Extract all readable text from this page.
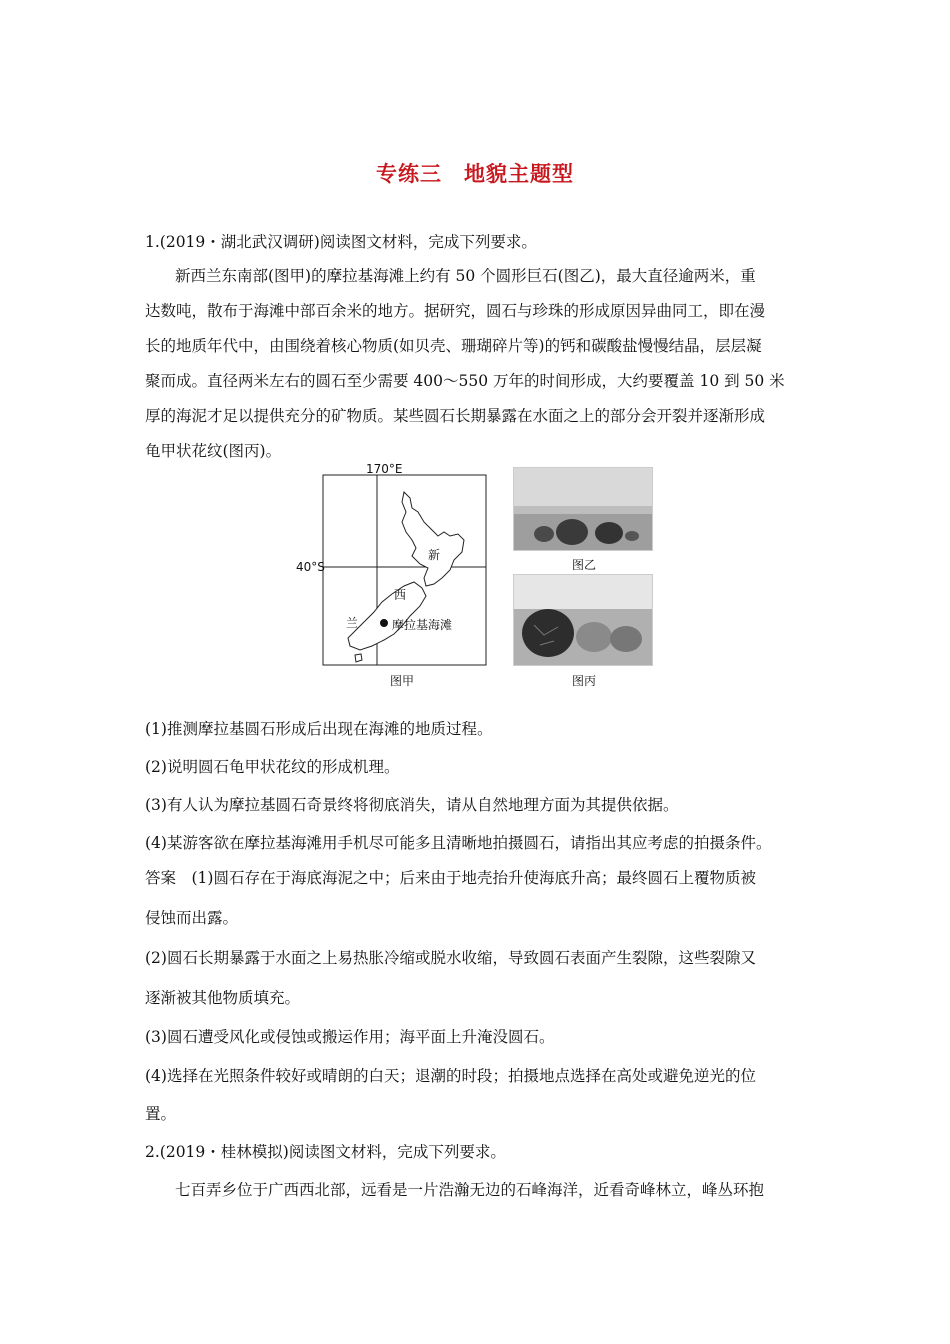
专练三　地貌主题型
1.(2019・湖北武汉调研)阅读图文材料，完成下列要求。
新西兰东南部(图甲)的摩拉基海滩上约有 50 个圆形巨石(图乙)，最大直径逾两米，重
达数吨，散布于海滩中部百余米的地方。据研究，圆石与珍珠的形成原因异曲同工，即在漫
长的地质年代中，由围绕着核心物质(如贝壳、珊瑚碎片等)的钙和碳酸盐慢慢结晶，层层凝
聚而成。直径两米左右的圆石至少需要 400～550 万年的时间形成，大约要覆盖 10 到 50 米
厚的海泥才足以提供充分的矿物质。某些圆石长期暴露在水面之上的部分会开裂并逐渐形成
龟甲状花纹(图丙)。
170°E
40°S
新
西
兰	摩拉基海滩
图甲
图乙
图丙
(1)推测摩拉基圆石形成后出现在海滩的地质过程。
(2)说明圆石龟甲状花纹的形成机理。
(3)有人认为摩拉基圆石奇景终将彻底消失，请从自然地理方面为其提供依据。
(4)某游客欲在摩拉基海滩用手机尽可能多且清晰地拍摄圆石，请指出其应考虑的拍摄条件。
答案　(1)圆石存在于海底海泥之中；后来由于地壳抬升使海底升高；最终圆石上覆物质被
侵蚀而出露。
(2)圆石长期暴露于水面之上易热胀冷缩或脱水收缩，导致圆石表面产生裂隙，这些裂隙又
逐渐被其他物质填充。
(3)圆石遭受风化或侵蚀或搬运作用；海平面上升淹没圆石。
(4)选择在光照条件较好或晴朗的白天；退潮的时段；拍摄地点选择在高处或避免逆光的位
置。
2.(2019・桂林模拟)阅读图文材料，完成下列要求。
七百弄乡位于广西西北部，远看是一片浩瀚无边的石峰海洋，近看奇峰林立，峰丛环抱
